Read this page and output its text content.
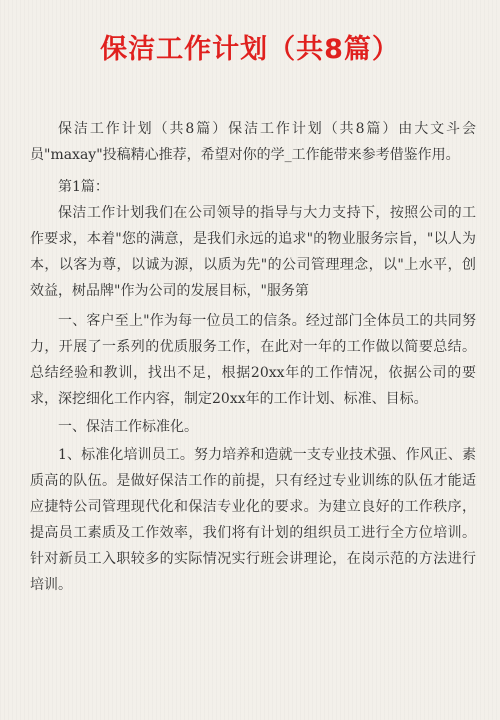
保洁工作计划（共8篇）

保洁工作计划（共8篇）保洁工作计划（共8篇）由大文斗会员"maxay"投稿精心推荐，希望对你的学_工作能带来参考借鉴作用。

第1篇：

保洁工作计划我们在公司领导的指导与大力支持下，按照公司的工作要求，本着"您的满意，是我们永远的追求"的物业服务宗旨，"以人为本，以客为尊，以诚为源，以质为先"的公司管理理念，以"上水平，创效益，树品牌"作为公司的发展目标，"服务第

一、客户至上"作为每一位员工的信条。经过部门全体员工的共同努力，开展了一系列的优质服务工作，在此对一年的工作做以简要总结。总结经验和教训，找出不足，根据20xx年的工作情况，依据公司的要求，深挖细化工作内容，制定20xx年的工作计划、标准、目标。

一、保洁工作标准化。

1、标准化培训员工。努力培养和造就一支专业技术强、作风正、素质高的队伍。是做好保洁工作的前提，只有经过专业训练的队伍才能适应捷特公司管理现代化和保洁专业化的要求。为建立良好的工作秩序，提高员工素质及工作效率，我们将有计划的组织员工进行全方位培训。针对新员工入职较多的实际情况实行班会讲理论，在岗示范的方法进行培训。
